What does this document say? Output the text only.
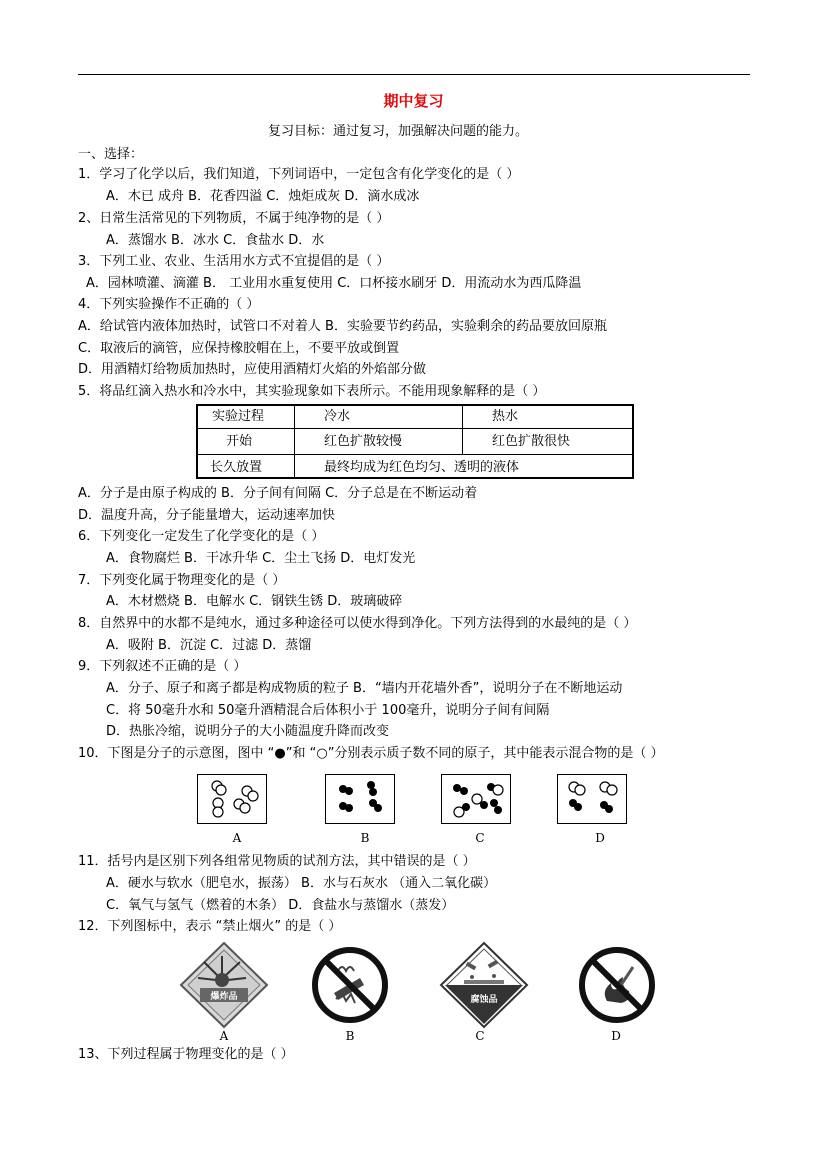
期中复习
复习目标：通过复习，加强解决问题的能力。
一、选择：
1．学习了化学以后，我们知道，下列词语中，一定包含有化学变化的是（ ）
A．木已 成舟 B．花香四溢 C．烛炬成灰 D．滴水成冰
2、日常生活常见的下列物质，不属于纯净物的是（ ）
A．蒸馏水 B．冰水 C．食盐水 D．水
3．下列工业、农业、生活用水方式不宜提倡的是（ ）
A．园林喷灌、滴灌 B． 工业用水重复使用 C．口杯接水刷牙 D．用流动水为西瓜降温
4．下列实验操作不正确的（ ）
A．给试管内液体加热时，试管口不对着人 B．实验要节约药品，实验剩余的药品要放回原瓶
C．取液后的滴管，应保持橡胶帽在上，不要平放或倒置
D．用酒精灯给物质加热时，应使用酒精灯火焰的外焰部分做
5．将品红滴入热水和冷水中，其实验现象如下表所示。不能用现象解释的是（ ）
实验过程	冷水	热水
开始	红色扩散较慢	红色扩散很快
长久放置	最终均成为红色均匀、透明的液体
A．分子是由原子构成的 B．分子间有间隔 C．分子总是在不断运动着
D．温度升高，分子能量增大，运动速率加快
6．下列变化一定发生了化学变化的是（ ）
A．食物腐烂 B．干冰升华 C．尘土飞扬 D．电灯发光
7．下列变化属于物理变化的是（ ）
A．木材燃烧 B．电解水 C．钢铁生锈 D．玻璃破碎
8．自然界中的水都不是纯水，通过多种途径可以使水得到净化。下列方法得到的水最纯的是（ ）
A．吸附 B．沉淀 C．过滤 D．蒸馏
9．下列叙述不正确的是（ ）
A．分子、原子和离子都是构成物质的粒子 B．“墙内开花墙外香”，说明分子在不断地运动
C．将 50毫升水和 50毫升酒精混合后体积小于 100毫升，说明分子间有间隔
D．热胀冷缩，说明分子的大小随温度升降而改变
10．下图是分子的示意图，图中 “●”和 “○”分别表示质子数不同的原子，其中能表示混合物的是（ ）
A	B	C	D
11．括号内是区别下列各组常见物质的试剂方法，其中错误的是（ ）
A．硬水与软水（肥皂水，振荡） B．水与石灰水 （通入二氧化碳）
C．氧气与氢气（燃着的木条） D．食盐水与蒸馏水（蒸发）
12．下列图标中，表示 “禁止烟火” 的是（ ）
爆炸品	腐蚀品
A	B	C	D
13、下列过程属于物理变化的是（ ）
